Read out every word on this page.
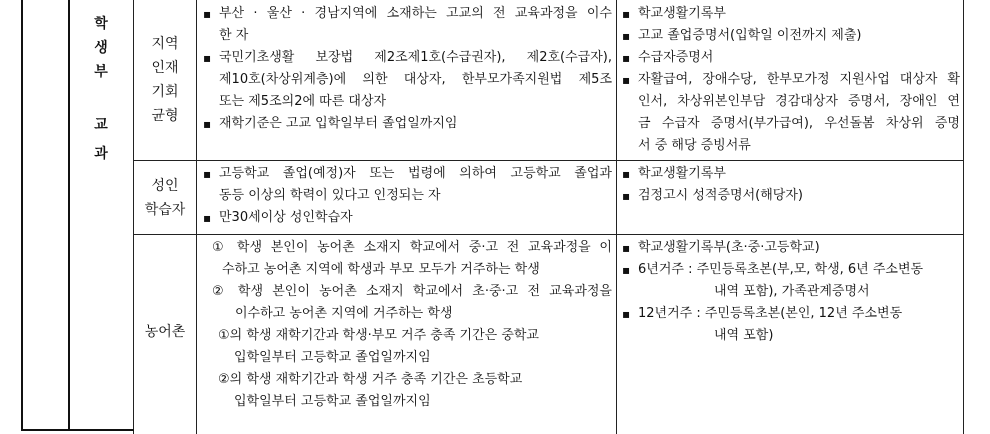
학
생
부
교
과
지역
인재
기회
균형
▪ 부산 · 울산 · 경남지역에 소재하는 고교의 전 교육과정을 이수
한 자
▪ 국민기초생활 보장법 제2조제1호(수급권자), 제2호(수급자),
제10호(차상위계층)에 의한 대상자, 한부모가족지원법 제5조
또는 제5조의2에 따른 대상자
▪ 재학기준은 고교 입학일부터 졸업일까지임
▪ 학교생활기록부
▪ 고교 졸업증명서(입학일 이전까지 제출)
▪ 수급자증명서
▪ 자활급여, 장애수당, 한부모가정 지원사업 대상자 확
인서, 차상위본인부담 경감대상자 증명서, 장애인 연
금 수급자 증명서(부가급여), 우선돌봄 차상위 증명
서 중 해당 증빙서류
성인
학습자
▪ 고등학교 졸업(예정)자 또는 법령에 의하여 고등학교 졸업과
동등 이상의 학력이 있다고 인정되는 자
▪ 만30세이상 성인학습자
▪ 학교생활기록부
▪ 검정고시 성적증명서(해당자)
농어촌
① 학생 본인이 농어촌 소재지 학교에서 중·고 전 교육과정을 이
수하고 농어촌 지역에 학생과 부모 모두가 거주하는 학생
② 학생 본인이 농어촌 소재지 학교에서 초·중·고 전 교육과정을
이수하고 농어촌 지역에 거주하는 학생
①의 학생 재학기간과 학생·부모 거주 충족 기간은 중학교
입학일부터 고등학교 졸업일까지임
②의 학생 재학기간과 학생 거주 충족 기간은 초등학교
입학일부터 고등학교 졸업일까지임
▪ 학교생활기록부(초·중·고등학교)
▪ 6년거주 : 주민등록초본(부,모, 학생, 6년 주소변동
내역 포함), 가족관계증명서
▪ 12년거주 : 주민등록초본(본인, 12년 주소변동
내역 포함)
